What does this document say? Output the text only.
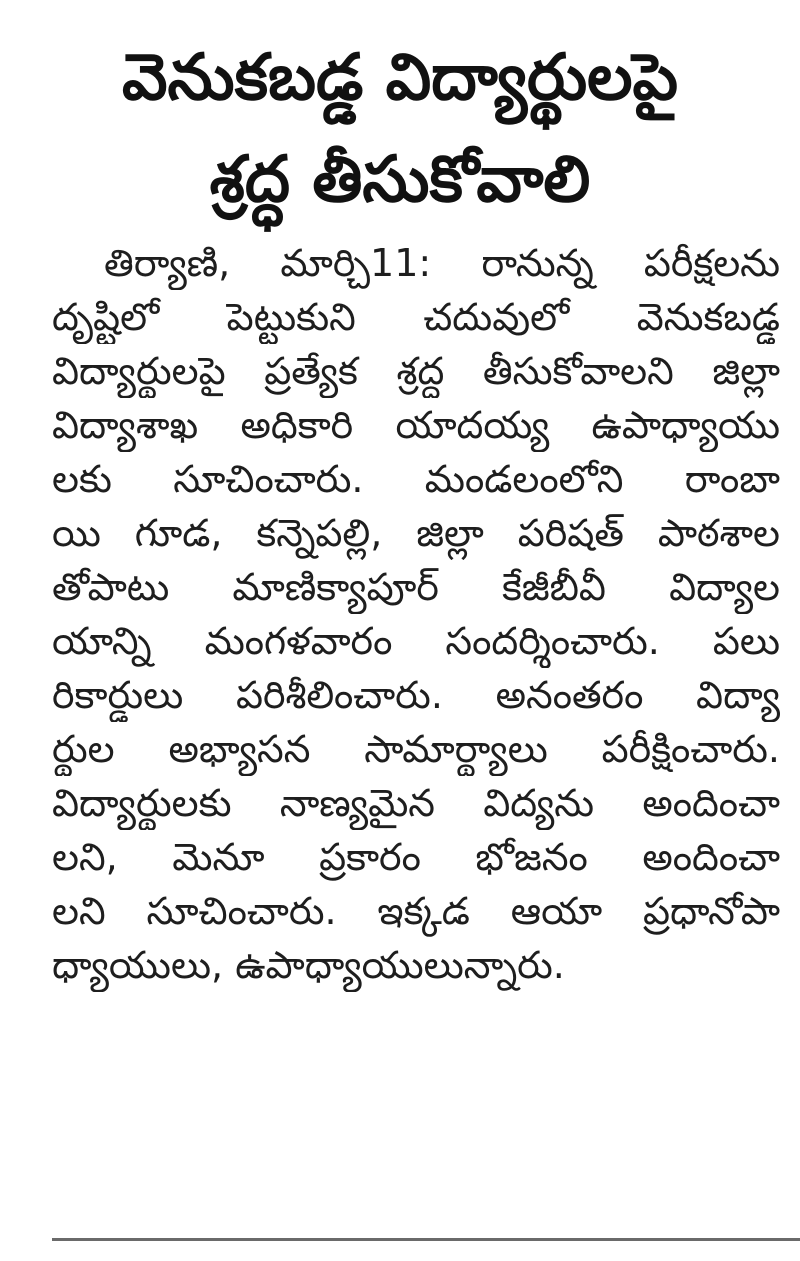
వెనుకబడ్డ విద్యార్థులపై
శ్రద్ధ తీసుకోవాలి
తిర్యాణి, మార్చి11: రానున్న పరీక్షలను
దృష్టిలో పెట్టుకుని చదువులో వెనుకబడ్డ
విద్యార్థులపై ప్రత్యేక శ్రద్ధ తీసుకోవాలని జిల్లా
విద్యాశాఖ అధికారి యాదయ్య ఉపాధ్యాయు
లకు సూచించారు. మండలంలోని రాంబా
యి గూడ, కన్నెపల్లి, జిల్లా పరిషత్ పాఠశాల
తోపాటు మాణిక్యాపూర్ కేజీబీవీ విద్యాల
యాన్ని మంగళవారం సందర్శించారు. పలు
రికార్డులు పరిశీలించారు. అనంతరం విద్యా
ర్థుల అభ్యాసన సామార్థ్యాలు పరీక్షించారు.
విద్యార్థులకు నాణ్యమైన విద్యను అందించా
లని, మెనూ ప్రకారం భోజనం అందించా
లని సూచించారు. ఇక్కడ ఆయా ప్రధానోపా
ధ్యాయులు, ఉపాధ్యాయులున్నారు.
